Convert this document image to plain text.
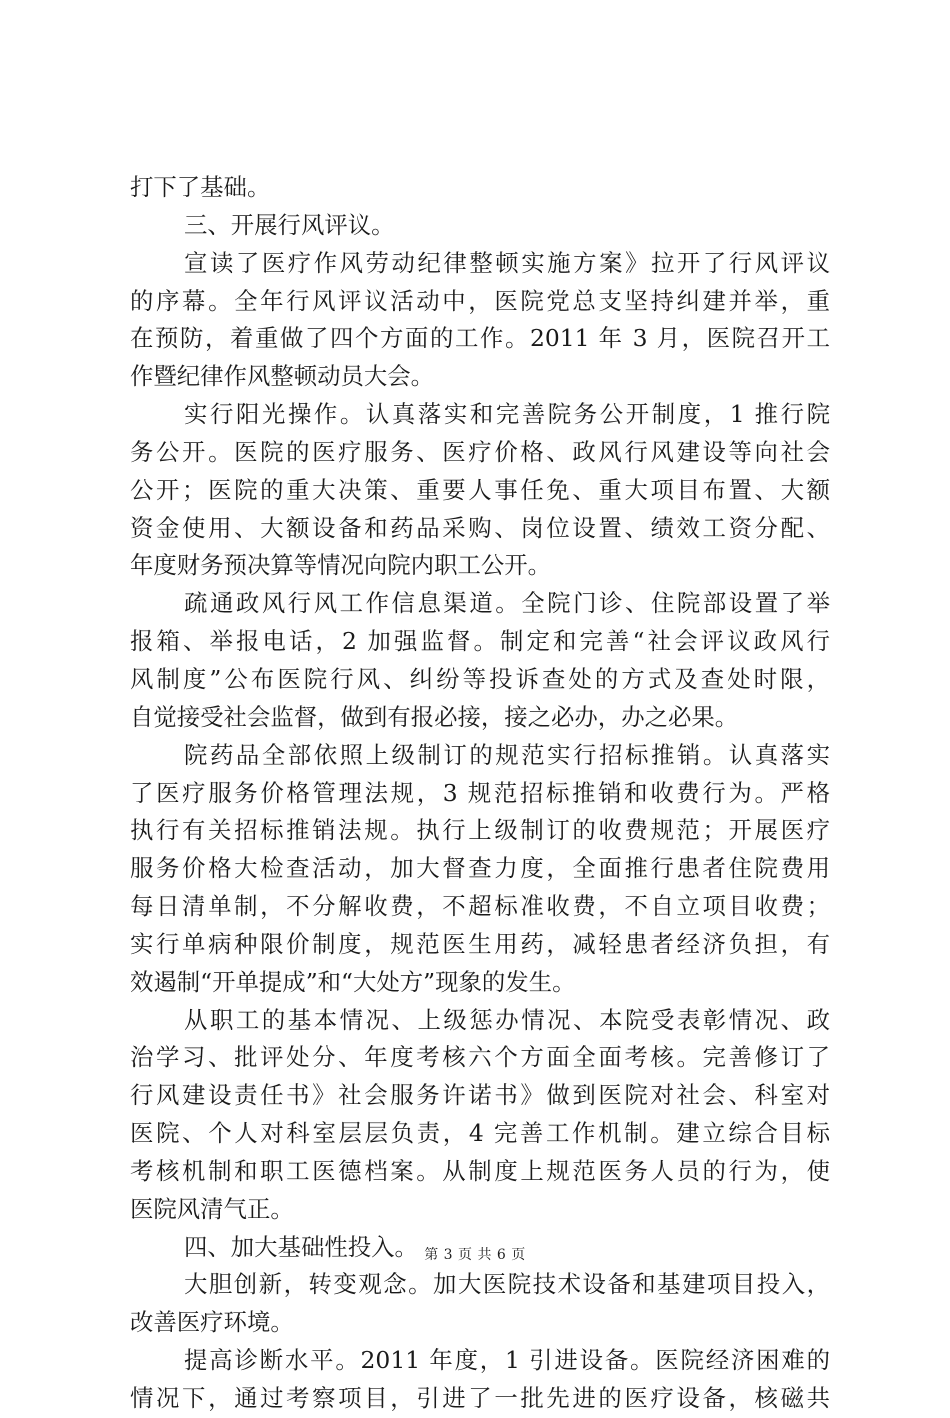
打下了基础。
三、开展行风评议。
宣读了医疗作风劳动纪律整顿实施方案》拉开了行风评议
的序幕。全年行风评议活动中，医院党总支坚持纠建并举，重
在预防，着重做了四个方面的工作。2011 年 3 月，医院召开工
作暨纪律作风整顿动员大会。
实行阳光操作。认真落实和完善院务公开制度，1 推行院
务公开。医院的医疗服务、医疗价格、政风行风建设等向社会
公开；医院的重大决策、重要人事任免、重大项目布置、大额
资金使用、大额设备和药品采购、岗位设置、绩效工资分配、
年度财务预决算等情况向院内职工公开。
疏通政风行风工作信息渠道。全院门诊、住院部设置了举
报箱、举报电话，2 加强监督。制定和完善“社会评议政风行
风制度”公布医院行风、纠纷等投诉查处的方式及查处时限，
自觉接受社会监督，做到有报必接，接之必办，办之必果。
院药品全部依照上级制订的规范实行招标推销。认真落实
了医疗服务价格管理法规，3 规范招标推销和收费行为。严格
执行有关招标推销法规。执行上级制订的收费规范；开展医疗
服务价格大检查活动，加大督查力度，全面推行患者住院费用
每日清单制，不分解收费，不超标准收费，不自立项目收费；
实行单病种限价制度，规范医生用药，减轻患者经济负担，有
效遏制“开单提成”和“大处方”现象的发生。
从职工的基本情况、上级惩办情况、本院受表彰情况、政
治学习、批评处分、年度考核六个方面全面考核。完善修订了
行风建设责任书》社会服务许诺书》做到医院对社会、科室对
医院、个人对科室层层负责，4 完善工作机制。建立综合目标
考核机制和职工医德档案。从制度上规范医务人员的行为，使
医院风清气正。
四、加大基础性投入。
大胆创新，转变观念。加大医院技术设备和基建项目投入，
改善医疗环境。
提高诊断水平。2011 年度，1 引进设备。医院经济困难的
情况下，通过考察项目，引进了一批先进的医疗设备，核磁共
第 3 页 共 6 页
